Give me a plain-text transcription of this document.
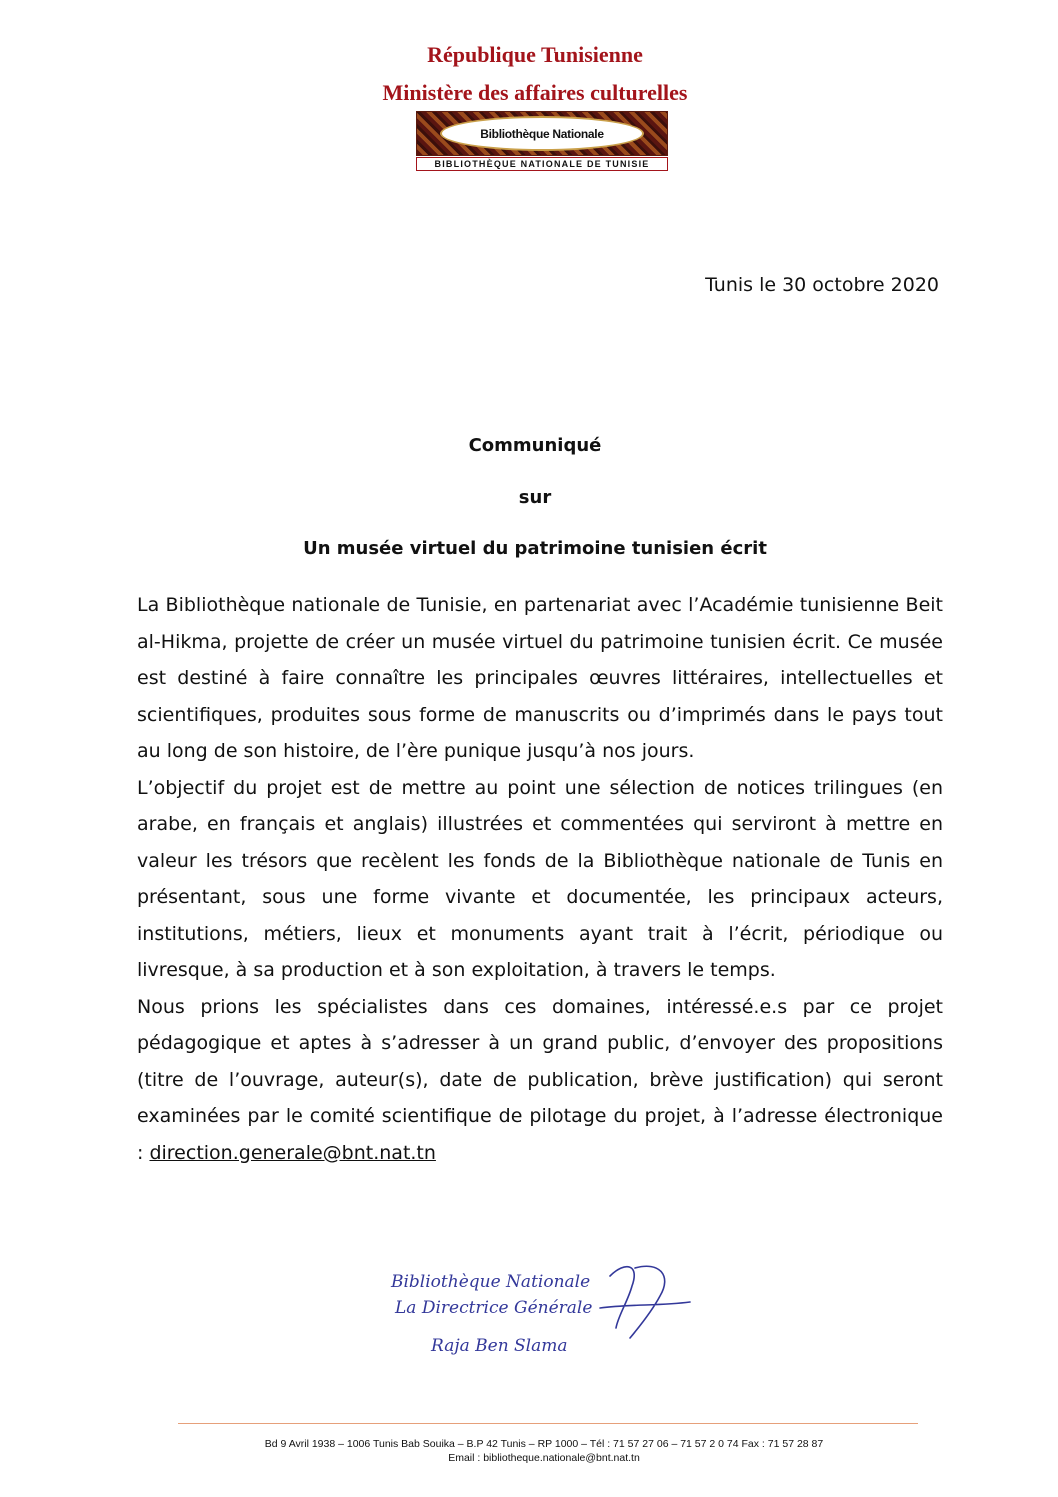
République Tunisienne
Ministère des affaires culturelles
Bibliothèque Nationale
BIBLIOTHÈQUE NATIONALE DE TUNISIE
Tunis le 30 octobre 2020
Communiqué
sur
Un musée virtuel du patrimoine tunisien écrit

La Bibliothèque nationale de Tunisie, en partenariat avec l’Académie tunisienne Beit al-Hikma, projette de créer un musée virtuel du patrimoine tunisien écrit. Ce musée est destiné à faire connaître les principales œuvres littéraires, intellectuelles et scientifiques, produites sous forme de manuscrits ou d’imprimés dans le pays tout au long de son histoire, de l’ère punique jusqu’à nos jours.

L’objectif du projet est de mettre au point une sélection de notices trilingues (en arabe, en français et anglais) illustrées et commentées qui serviront à mettre en valeur les trésors que recèlent les fonds de la Bibliothèque nationale de Tunis en présentant, sous une forme vivante et documentée, les principaux acteurs, institutions, métiers, lieux et monuments ayant trait à l’écrit, périodique ou livresque, à sa production et à son exploitation, à travers le temps.

Nous prions les spécialistes dans ces domaines, intéressé.e.s par ce projet pédagogique et aptes à s’adresser à un grand public, d’envoyer des propositions (titre de l’ouvrage, auteur(s), date de publication, brève justification) qui seront examinées par le comité scientifique de pilotage du projet, à l’adresse électronique : direction.generale@bnt.nat.tn

Bibliothèque Nationale
La Directrice Générale
Raja Ben Slama
Bd 9 Avril 1938 – 1006 Tunis Bab Souika – B.P 42 Tunis – RP 1000 – Tél : 71 57 27 06 – 71 57 2 0 74 Fax : 71 57 28 87
Email : bibliotheque.nationale@bnt.nat.tn
